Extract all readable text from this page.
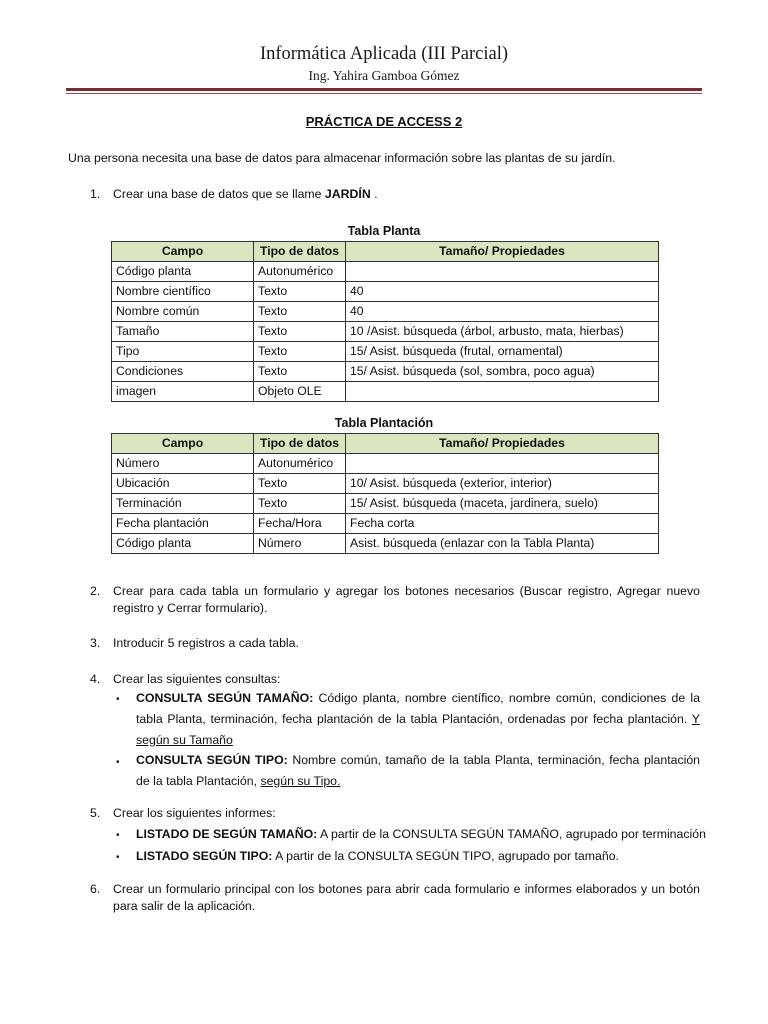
Informática Aplicada (III Parcial)
Ing. Yahira Gamboa Gómez
PRÁCTICA DE ACCESS 2
Una persona necesita una base de datos para almacenar información sobre las plantas de su jardín.
1. Crear una base de datos que se llame JARDÍN .
Tabla Planta
Campo	Tipo de datos	Tamaño/ Propiedades
Código planta	Autonumérico	
Nombre científico	Texto	40
Nombre común	Texto	40
Tamaño	Texto	10 /Asist. búsqueda (árbol, arbusto, mata, hierbas)
Tipo	Texto	15/ Asist. búsqueda (frutal, ornamental)
Condiciones	Texto	15/ Asist. búsqueda (sol, sombra, poco agua)
imagen	Objeto OLE	
Tabla Plantación
Campo	Tipo de datos	Tamaño/ Propiedades
Número	Autonumérico	
Ubicación	Texto	10/ Asist. búsqueda (exterior, interior)
Terminación	Texto	15/ Asist. búsqueda (maceta, jardinera, suelo)
Fecha plantación	Fecha/Hora	Fecha corta
Código planta	Número	Asist. búsqueda (enlazar con la Tabla Planta)
2. Crear para cada tabla un formulario y agregar los botones necesarios (Buscar registro, Agregar nuevo registro y Cerrar formulario).
3. Introducir 5 registros a cada tabla.
4. Crear las siguientes consultas:
• CONSULTA SEGÚN TAMAÑO: Código planta, nombre científico, nombre común, condiciones de la tabla Planta, terminación, fecha plantación de la tabla Plantación, ordenadas por fecha plantación. Y según su Tamaño
• CONSULTA SEGÚN TIPO: Nombre común, tamaño de la tabla Planta, terminación, fecha plantación de la tabla Plantación, según su Tipo.
5. Crear los siguientes informes:
• LISTADO DE SEGÚN TAMAÑO: A partir de la CONSULTA SEGÚN TAMAÑO, agrupado por terminación
• LISTADO SEGÚN TIPO: A partir de la CONSULTA SEGÚN TIPO, agrupado por tamaño.
6. Crear un formulario principal con los botones para abrir cada formulario e informes elaborados y un botón para salir de la aplicación.
